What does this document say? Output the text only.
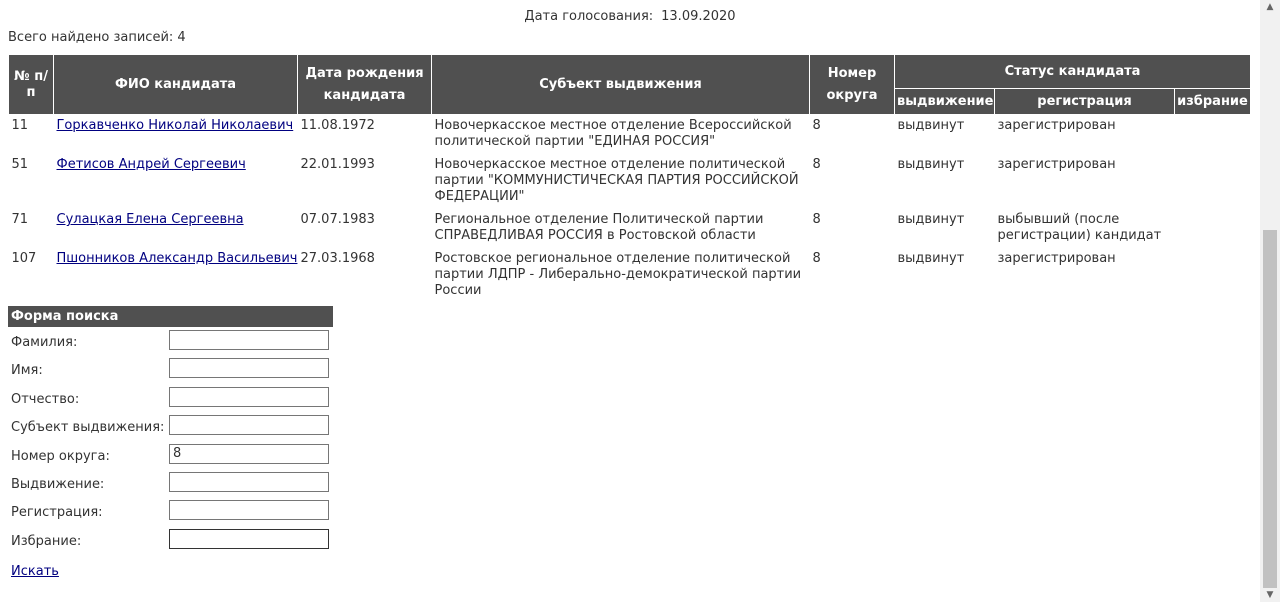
Дата голосования: 13.09.2020
Всего найдено записей: 4
№ п/п	ФИО кандидата	Дата рождения кандидата	Субъект выдвижения	Номер округа	Статус кандидата		
					выдвижение	регистрация	избрание
11	Горкавченко Николай Николаевич	11.08.1972	Новочеркасское местное отделение Всероссийской политической партии "ЕДИНАЯ РОССИЯ"	8	выдвинут	зарегистрирован	
51	Фетисов Андрей Сергеевич	22.01.1993	Новочеркасское местное отделение политической партии "КОММУНИСТИЧЕСКАЯ ПАРТИЯ РОССИЙСКОЙ ФЕДЕРАЦИИ"	8	выдвинут	зарегистрирован	
71	Сулацкая Елена Сергеевна	07.07.1983	Региональное отделение Политической партии СПРАВЕДЛИВАЯ РОССИЯ в Ростовской области	8	выдвинут	выбывший (после регистрации) кандидат	
107	Пшонников Александр Васильевич	27.03.1968	Ростовское региональное отделение политической партии ЛДПР - Либерально-демократической партии России	8	выдвинут	зарегистрирован	
Форма поиска
Фамилия:
Имя:
Отчество:
Субъект выдвижения:
Номер округа:
8
Выдвижение:
Регистрация:
Избрание:
Искать
▲
▼
